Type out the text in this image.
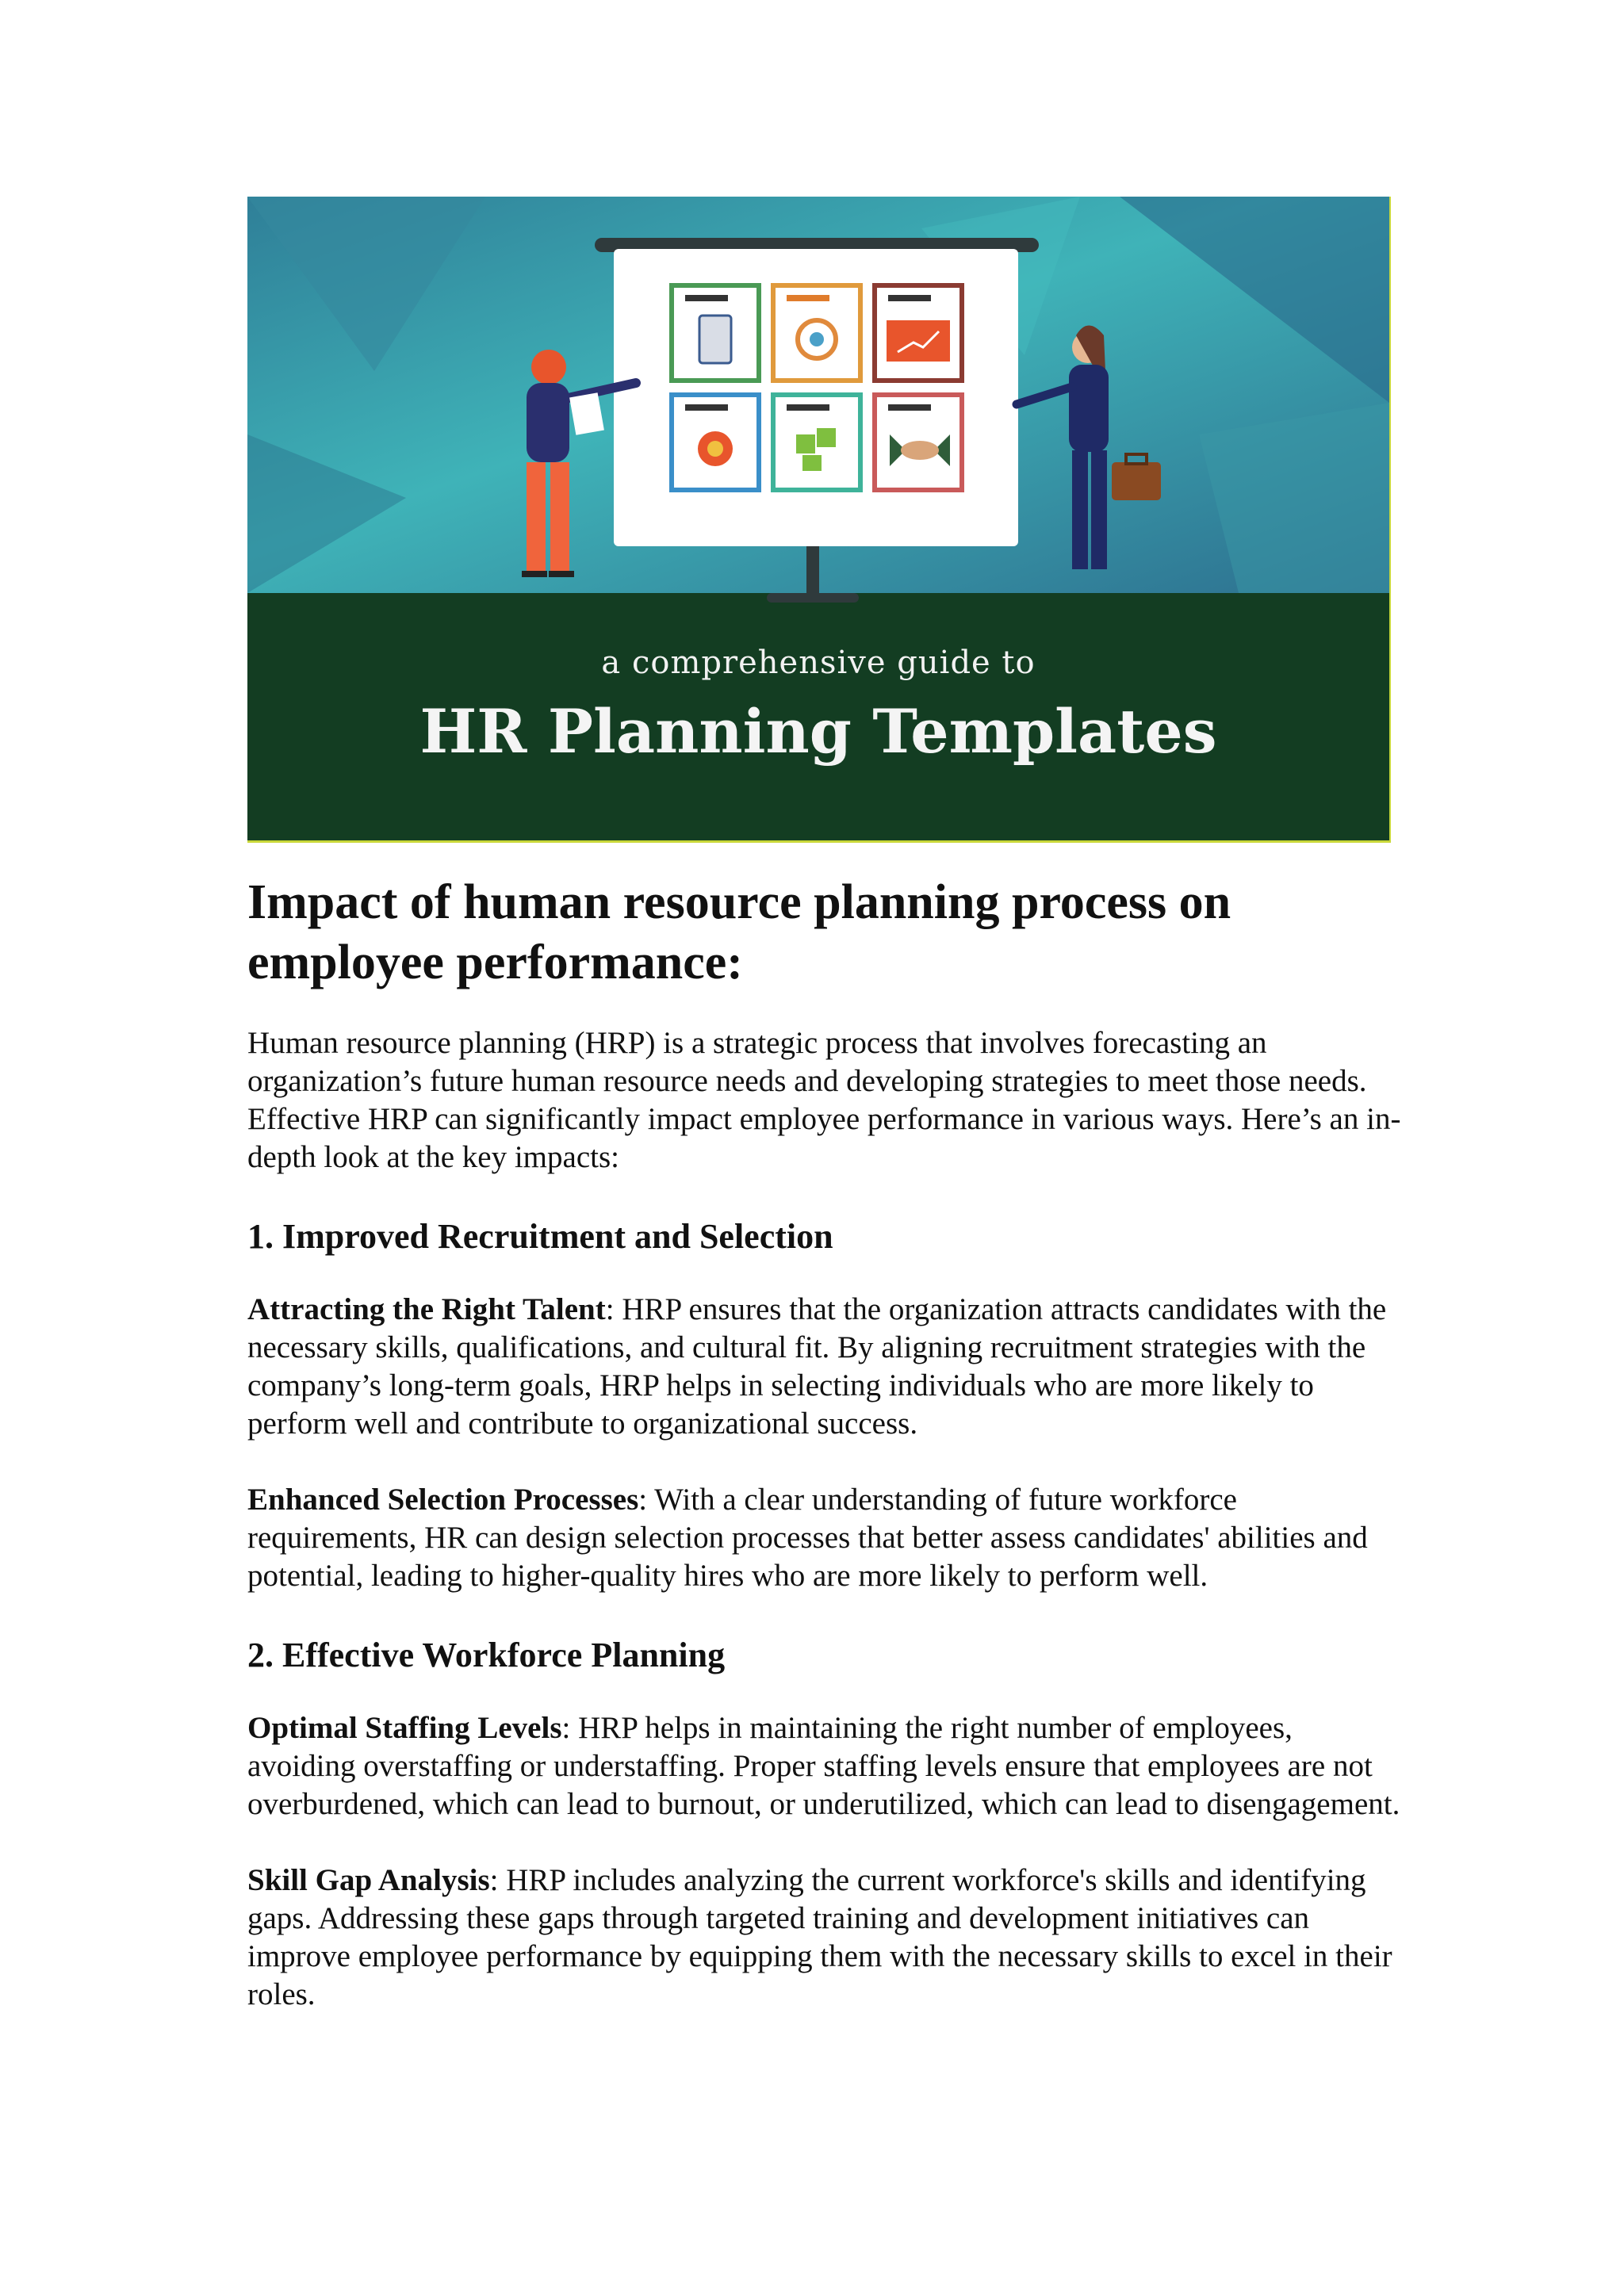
a comprehensive guide to
HR Planning Templates
Impact of human resource planning process on employee performance:

Human resource planning (HRP) is a strategic process that involves forecasting an organization’s future human resource needs and developing strategies to meet those needs. Effective HRP can significantly impact employee performance in various ways. Here’s an in-depth look at the key impacts:

1. Improved Recruitment and Selection

Attracting the Right Talent: HRP ensures that the organization attracts candidates with the necessary skills, qualifications, and cultural fit. By aligning recruitment strategies with the company’s long-term goals, HRP helps in selecting individuals who are more likely to perform well and contribute to organizational success.

Enhanced Selection Processes: With a clear understanding of future workforce requirements, HR can design selection processes that better assess candidates' abilities and potential, leading to higher-quality hires who are more likely to perform well.

2. Effective Workforce Planning

Optimal Staffing Levels: HRP helps in maintaining the right number of employees, avoiding overstaffing or understaffing. Proper staffing levels ensure that employees are not overburdened, which can lead to burnout, or underutilized, which can lead to disengagement.

Skill Gap Analysis: HRP includes analyzing the current workforce's skills and identifying gaps. Addressing these gaps through targeted training and development initiatives can improve employee performance by equipping them with the necessary skills to excel in their roles.
